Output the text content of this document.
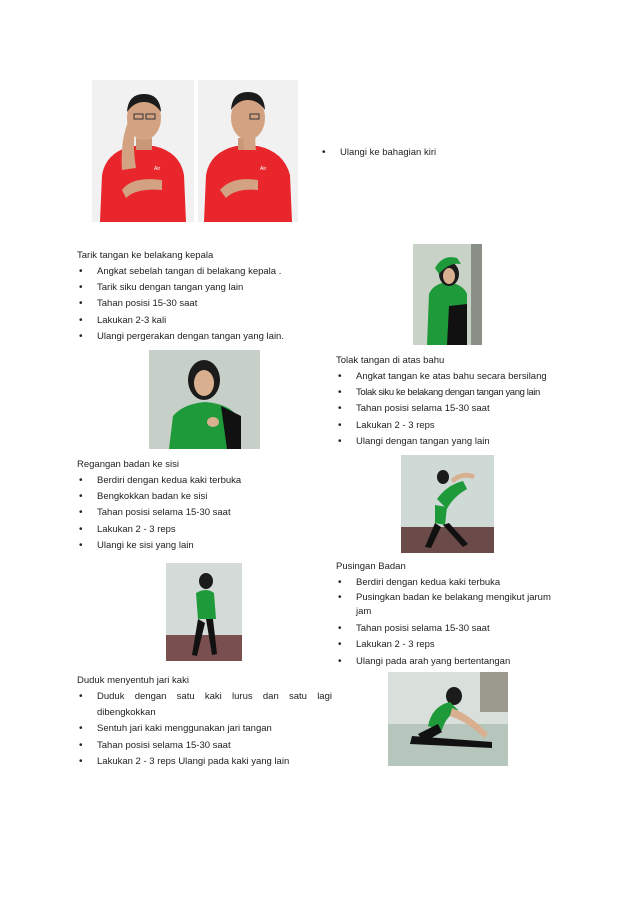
Air	Air
• Ulangi ke bahagian kiri
Tarik tangan ke belakang kepala
• Angkat sebelah tangan di belakang kepala .
• Tarik siku dengan tangan yang lain
• Tahan posisi 15-30 saat
• Lakukan 2-3 kali
• Ulangi pergerakan dengan tangan yang lain.
Tolak tangan di atas bahu
• Angkat tangan ke atas bahu secara bersilang
• Tolak siku ke belakang dengan tangan yang lain
• Tahan posisi selama 15-30 saat
• Lakukan 2 - 3 reps
• Ulangi dengan tangan yang lain
Regangan badan ke sisi
• Berdiri dengan kedua kaki terbuka
• Bengkokkan badan ke sisi
• Tahan posisi selama 15-30 saat
• Lakukan 2 - 3 reps
• Ulangi ke sisi yang lain
Pusingan Badan
• Berdiri dengan kedua kaki terbuka
• Pusingkan badan ke belakang mengikut jarum jam
• Tahan posisi selama 15-30 saat
• Lakukan 2 - 3 reps
• Ulangi pada arah yang bertentangan
Duduk menyentuh jari kaki
• Duduk dengan satu kaki lurus dan satu lagi dibengkokkan
• Sentuh jari kaki menggunakan jari tangan
• Tahan posisi selama 15-30 saat
• Lakukan 2 - 3 reps Ulangi pada kaki yang lain
